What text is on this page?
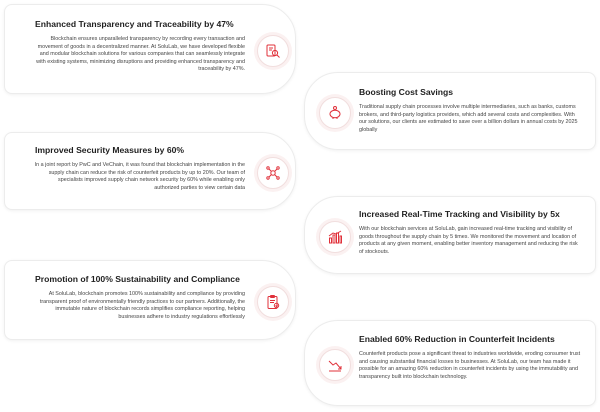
Enhanced Transparency and Traceability by 47%

Blockchain ensures unparalleled transparency by recording every transaction and movement of goods in a decentralized manner. At SoluLab, we have developed flexible and modular blockchain solutions for various companies that can seamlessly integrate with existing systems, minimizing disruptions and providing enhanced transparency and traceability by 47%.

Boosting Cost Savings

Traditional supply chain processes involve multiple intermediaries, such as banks, customs brokers, and third-party logistics providers, which add several costs and complexities. With our solutions, our clients are estimated to save over a billion dollars in annual costs by 2025 globally

Improved Security Measures by 60%

In a joint report by PwC and VeChain, it was found that blockchain implementation in the supply chain can reduce the risk of counterfeit products by up to 20%. Our team of specialists improved supply chain network security by 60% while enabling only authorized parties to view certain data

Increased Real-Time Tracking and Visibility by 5x

With our blockchain services at SoluLab, gain increased real-time tracking and visibility of goods throughout the supply chain by 5 times. We monitored the movement and location of products at any given moment, enabling better inventory management and reducing the risk of stockouts.

Promotion of 100% Sustainability and Compliance

At SoluLab, blockchain promotes 100% sustainability and compliance by providing transparent proof of environmentally friendly practices to our partners. Additionally, the immutable nature of blockchain records simplifies compliance reporting, helping businesses adhere to industry regulations effortlessly

Enabled 60% Reduction in Counterfeit Incidents

Counterfeit products pose a significant threat to industries worldwide, eroding consumer trust and causing substantial financial losses to businesses. At SoluLab, our team has made it possible for an amazing 60% reduction in counterfeit incidents by using the immutability and transparency built into blockchain technology.
